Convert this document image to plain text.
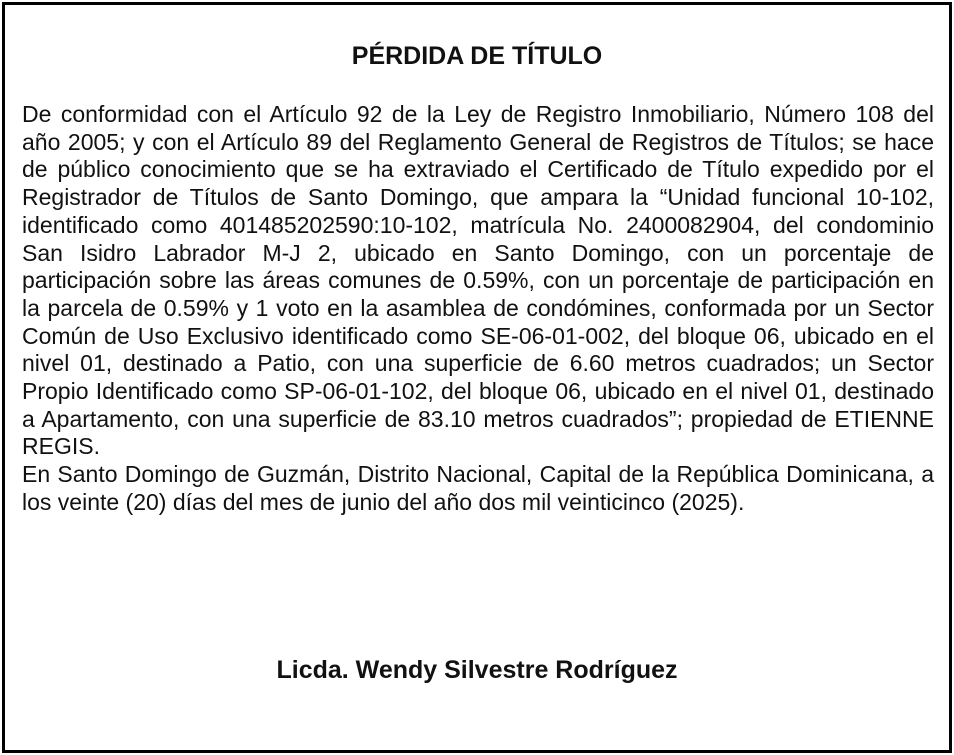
PÉRDIDA DE TÍTULO

De conformidad con el Artículo 92 de la Ley de Registro Inmobiliario, Número 108 del año 2005; y con el Artículo 89 del Reglamento General de Registros de Títulos; se hace de público conocimiento que se ha extraviado el Certificado de Título expedido por el Registrador de Títulos de Santo Domingo, que ampara la “Unidad funcional 10-102, identificado como 401485202590:10-102, matrícula No. 2400082904, del condominio San Isidro Labrador M-J 2, ubicado en Santo Domingo, con un porcentaje de participación sobre las áreas comunes de 0.59%, con un porcentaje de participación en la parcela de 0.59% y 1 voto en la asamblea de condómines, conformada por un Sector Común de Uso Exclusivo identificado como SE-06-01-002, del bloque 06, ubicado en el nivel 01, destinado a Patio, con una superficie de 6.60 metros cuadrados; un Sector Propio Identificado como SP-06-01-102, del bloque 06, ubicado en el nivel 01, destinado a Apartamento, con una superficie de 83.10 metros cuadrados”; propiedad de ETIENNE REGIS.

En Santo Domingo de Guzmán, Distrito Nacional, Capital de la República Dominicana, a los veinte (20) días del mes de junio del año dos mil veinticinco (2025).

Licda. Wendy Silvestre Rodríguez
